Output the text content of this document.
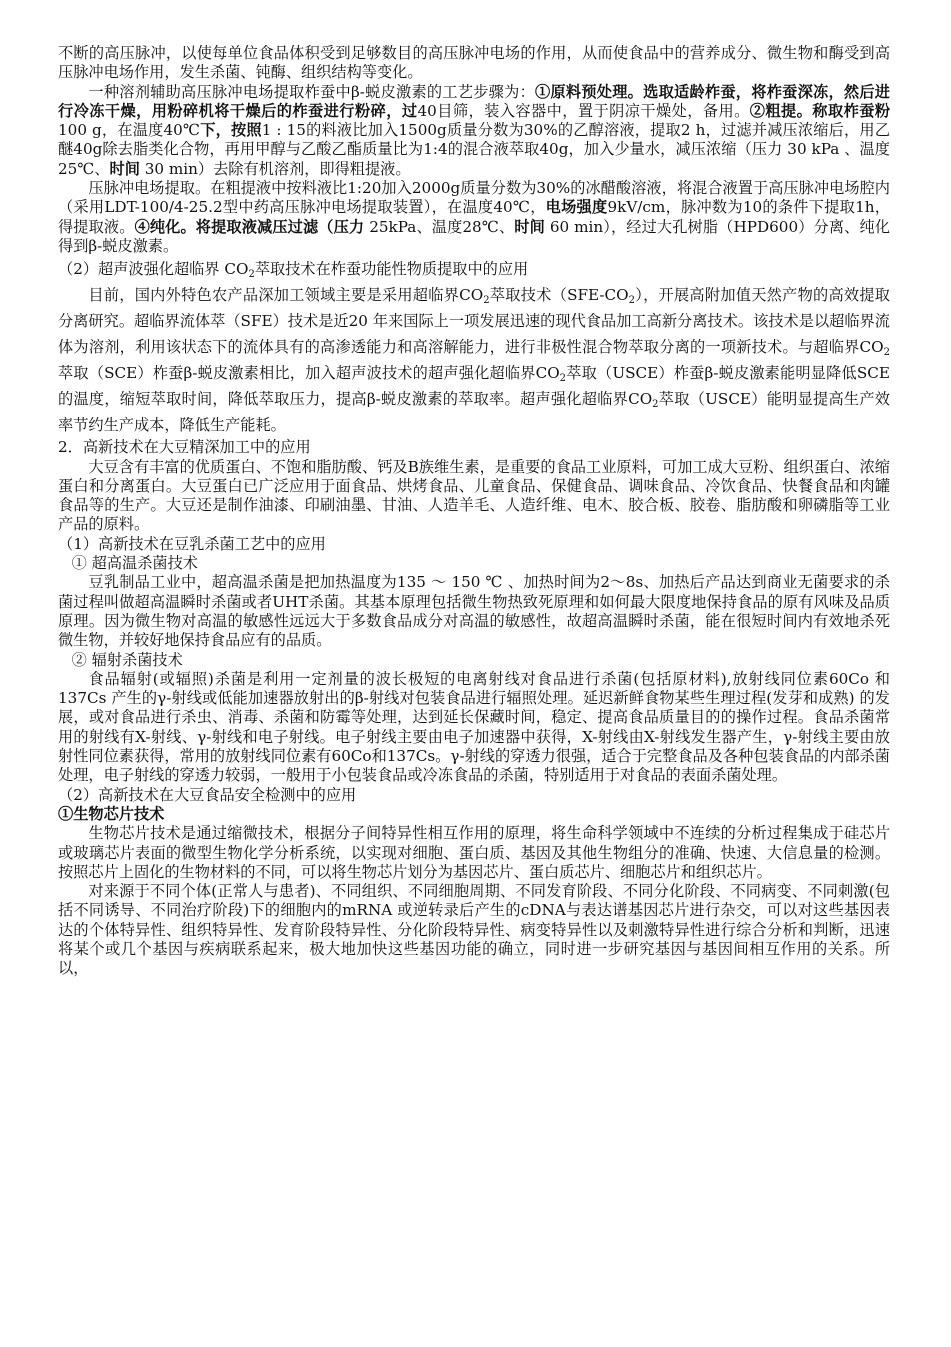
不断的高压脉冲，以使每单位食品体积受到足够数目的高压脉冲电场的作用，从而使食品中的营养成分、微生物和酶受到高压脉冲电场作用，发生杀菌、钝酶、组织结构等变化。

一种溶剂辅助高压脉冲电场提取柞蚕中β-蜕皮激素的工艺步骤为：①原料预处理。选取适龄柞蚕，将柞蚕深冻，然后进行冷冻干燥，用粉碎机将干燥后的柞蚕进行粉碎，过40目筛，装入容器中，置于阴凉干燥处，备用。②粗提。称取柞蚕粉100 g，在温度40℃下，按照1 : 15的料液比加入1500g质量分数为30%的乙醇溶液，提取2 h，过滤并减压浓缩后，用乙醚40g除去脂类化合物，再用甲醇与乙酸乙酯质量比为1:4的混合液萃取40g，加入少量水，减压浓缩（压力 30 kPa 、温度 25℃、时间 30 min）去除有机溶剂，即得粗提液。

压脉冲电场提取。在粗提液中按料液比1:20加入2000g质量分数为30%的冰醋酸溶液，将混合液置于高压脉冲电场腔内（采用LDT-100/4-25.2型中药高压脉冲电场提取装置），在温度40℃，电场强度9kV/cm，脉冲数为10的条件下提取1h，得提取液。④纯化。将提取液减压过滤（压力 25kPa、温度28℃、时间 60 min），经过大孔树脂（HPD600）分离、纯化得到β-蜕皮激素。

（2）超声波强化超临界 $CO_2$萃取技术在柞蚕功能性物质提取中的应用

目前，国内外特色农产品深加工领域主要是采用超临界$CO_2$萃取技术$(SFE-CO_2)$，开展高附加值天然产物的高效提取分离研究。超临界流体萃（SFE）技术是近20 年来国际上一项发展迅速的现代食品加工高新分离技术。该技术是以超临界流体为溶剂，利用该状态下的流体具有的高渗透能力和高溶解能力，进行非极性混合物萃取分离的一项新技术。与超临界$CO_2$萃取（SCE）柞蚕β-蜕皮激素相比，加入超声波技术的超声强化超临界$CO_2$萃取（USCE）柞蚕β-蜕皮激素能明显降低SCE的温度，缩短萃取时间，降低萃取压力，提高β-蜕皮激素的萃取率。超声强化超临界$CO_2$萃取（USCE）能明显提高生产效率节约生产成本，降低生产能耗。

2．高新技术在大豆精深加工中的应用

大豆含有丰富的优质蛋白、不饱和脂肪酸、钙及B族维生素，是重要的食品工业原料，可加工成大豆粉、组织蛋白、浓缩蛋白和分离蛋白。大豆蛋白已广泛应用于面食品、烘烤食品、儿童食品、保健食品、调味食品、冷饮食品、快餐食品和肉罐食品等的生产。大豆还是制作油漆、印刷油墨、甘油、人造羊毛、人造纤维、电木、胶合板、胶卷、脂肪酸和卵磷脂等工业产品的原料。

（1）高新技术在豆乳杀菌工艺中的应用

① 超高温杀菌技术

豆乳制品工业中，超高温杀菌是把加热温度为135 ～ 150 ℃ 、加热时间为2～8s、加热后产品达到商业无菌要求的杀菌过程叫做超高温瞬时杀菌或者UHT杀菌。其基本原理包括微生物热致死原理和如何最大限度地保持食品的原有风味及品质原理。因为微生物对高温的敏感性远远大于多数食品成分对高温的敏感性，故超高温瞬时杀菌，能在很短时间内有效地杀死微生物，并较好地保持食品应有的品质。

② 辐射杀菌技术

食品辐射(或辐照)杀菌是利用一定剂量的波长极短的电离射线对食品进行杀菌(包括原材料),放射线同位素60Co 和137Cs 产生的γ-射线或低能加速器放射出的β-射线对包装食品进行辐照处理。延迟新鲜食物某些生理过程(发芽和成熟) 的发展，或对食品进行杀虫、消毒、杀菌和防霉等处理，达到延长保藏时间，稳定、提高食品质量目的的操作过程。食品杀菌常用的射线有X-射线、γ-射线和电子射线。电子射线主要由电子加速器中获得，X-射线由X-射线发生器产生，γ-射线主要由放射性同位素获得，常用的放射线同位素有60Co和137Cs。γ-射线的穿透力很强，适合于完整食品及各种包装食品的内部杀菌处理，电子射线的穿透力较弱，一般用于小包装食品或冷冻食品的杀菌，特别适用于对食品的表面杀菌处理。

（2）高新技术在大豆食品安全检测中的应用

①生物芯片技术

生物芯片技术是通过缩微技术，根据分子间特异性相互作用的原理，将生命科学领域中不连续的分析过程集成于硅芯片或玻璃芯片表面的微型生物化学分析系统，以实现对细胞、蛋白质、基因及其他生物组分的准确、快速、大信息量的检测。按照芯片上固化的生物材料的不同，可以将生物芯片划分为基因芯片、蛋白质芯片、细胞芯片和组织芯片。

对来源于不同个体(正常人与患者)、不同组织、不同细胞周期、不同发育阶段、不同分化阶段、不同病变、不同刺激(包括不同诱导、不同治疗阶段)下的细胞内的mRNA 或逆转录后产生的cDNA与表达谱基因芯片进行杂交，可以对这些基因表达的个体特异性、组织特异性、发育阶段特异性、分化阶段特异性、病变特异性以及刺激特异性进行综合分析和判断，迅速将某个或几个基因与疾病联系起来，极大地加快这些基因功能的确立，同时进一步研究基因与基因间相互作用的关系。所以，
